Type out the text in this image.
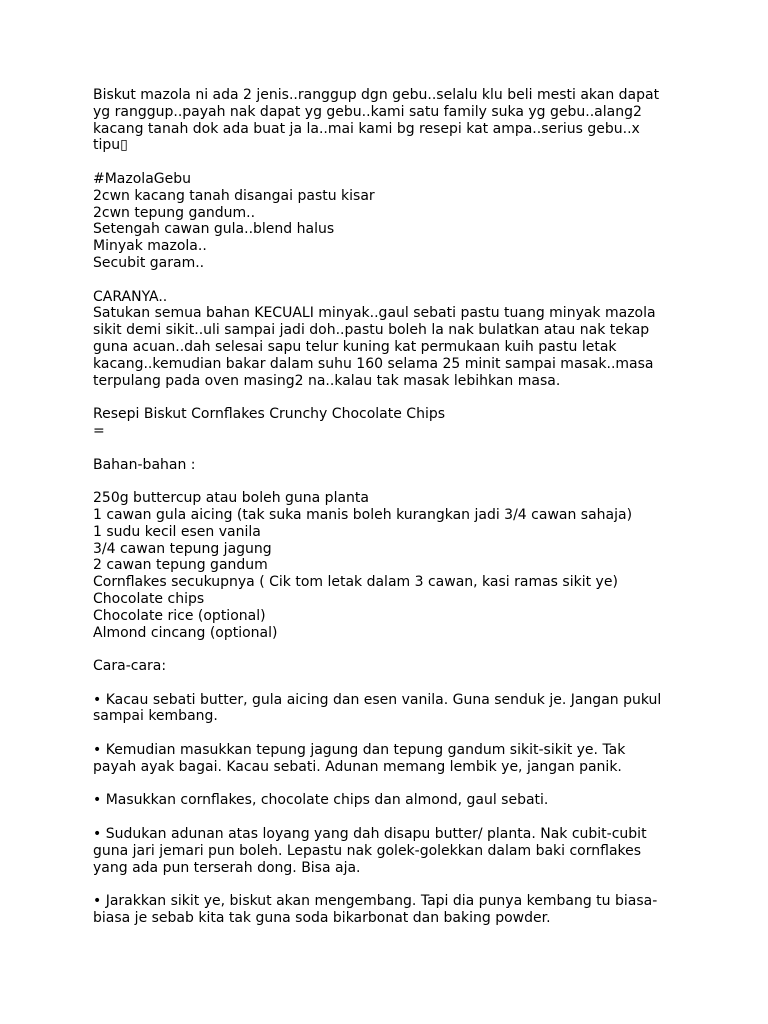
Biskut mazola ni ada 2 jenis..ranggup dgn gebu..selalu klu beli mesti akan dapat
yg ranggup..payah nak dapat yg gebu..kami satu family suka yg gebu..alang2
kacang tanah dok ada buat ja la..mai kami bg resepi kat ampa..serius gebu..x
tipu▯
#MazolaGebu
2cwn kacang tanah disangai pastu kisar
2cwn tepung gandum..
Setengah cawan gula..blend halus
Minyak mazola..
Secubit garam..
CARANYA..
Satukan semua bahan KECUALI minyak..gaul sebati pastu tuang minyak mazola
sikit demi sikit..uli sampai jadi doh..pastu boleh la nak bulatkan atau nak tekap
guna acuan..dah selesai sapu telur kuning kat permukaan kuih pastu letak
kacang..kemudian bakar dalam suhu 160 selama 25 minit sampai masak..masa
terpulang pada oven masing2 na..kalau tak masak lebihkan masa.
Resepi Biskut Cornflakes Crunchy Chocolate Chips
=
Bahan-bahan :
250g buttercup atau boleh guna planta
1 cawan gula aicing (tak suka manis boleh kurangkan jadi 3/4 cawan sahaja)
1 sudu kecil esen vanila
3/4 cawan tepung jagung
2 cawan tepung gandum
Cornflakes secukupnya ( Cik tom letak dalam 3 cawan, kasi ramas sikit ye)
Chocolate chips
Chocolate rice (optional)
Almond cincang (optional)
Cara-cara:
• Kacau sebati butter, gula aicing dan esen vanila. Guna senduk je. Jangan pukul
sampai kembang.
• Kemudian masukkan tepung jagung dan tepung gandum sikit-sikit ye. Tak
payah ayak bagai. Kacau sebati. Adunan memang lembik ye, jangan panik.
• Masukkan cornflakes, chocolate chips dan almond, gaul sebati.
• Sudukan adunan atas loyang yang dah disapu butter/ planta. Nak cubit-cubit
guna jari jemari pun boleh. Lepastu nak golek-golekkan dalam baki cornflakes
yang ada pun terserah dong. Bisa aja.
• Jarakkan sikit ye, biskut akan mengembang. Tapi dia punya kembang tu biasa-
biasa je sebab kita tak guna soda bikarbonat dan baking powder.
